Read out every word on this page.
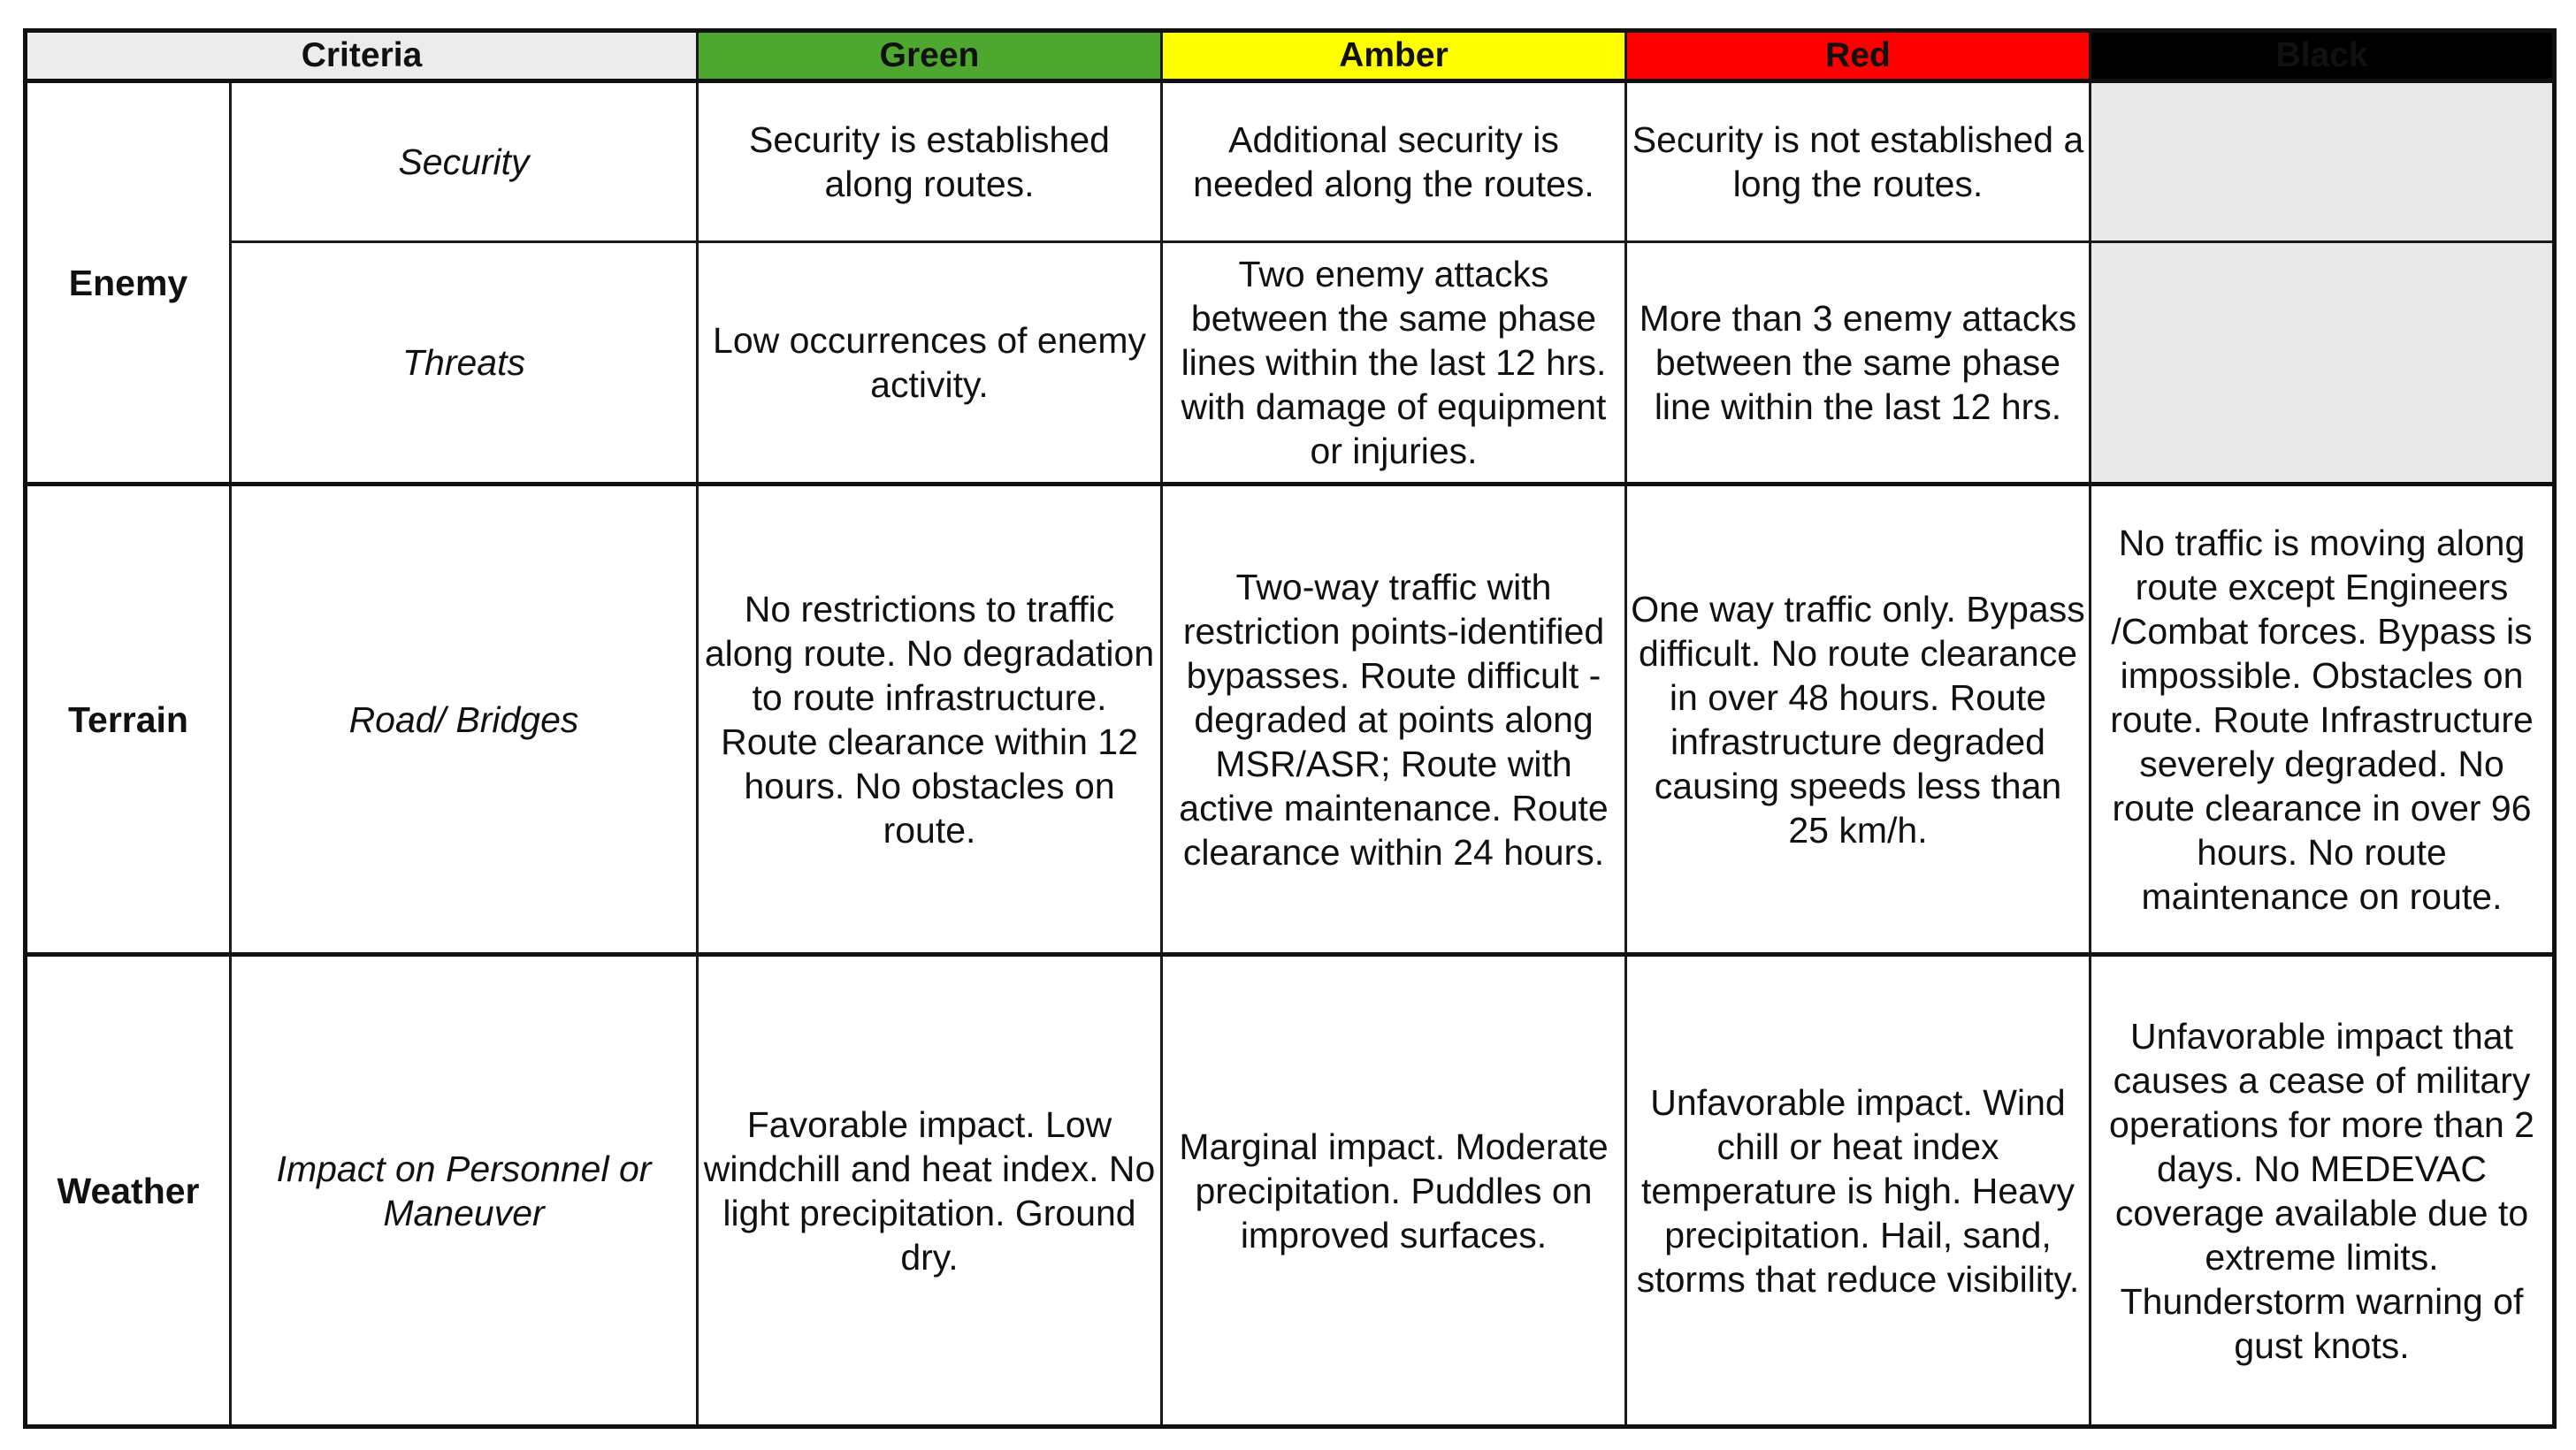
Criteria		Green	Amber	Red	Black
Enemy	Security	Security is established along routes.	Additional security is needed along the routes.	Security is not established a long the routes.	
	Threats	Low occurrences of enemy activity.	Two enemy attacks between the same phase lines within the last 12 hrs. with damage of equipment or injuries.	More than 3 enemy attacks between the same phase line within the last 12 hrs.	
Terrain	Road/ Bridges	No restrictions to traffic along route. No degradation to route infrastructure. Route clearance within 12 hours. No obstacles on route.	Two-way traffic with restriction points-identified bypasses. Route difficult - degraded at points along MSR/ASR; Route with active maintenance. Route clearance within 24 hours.	One way traffic only. Bypass difficult. No route clearance in over 48 hours. Route infrastructure degraded causing speeds less than 25 km/h.	No traffic is moving along route except Engineers /Combat forces. Bypass is impossible. Obstacles on route. Route Infrastructure severely degraded. No route clearance in over 96 hours. No route maintenance on route.
Weather	Impact on Personnel or Maneuver	Favorable impact. Low windchill and heat index. No light precipitation. Ground dry.	Marginal impact. Moderate precipitation. Puddles on improved surfaces.	Unfavorable impact. Wind chill or heat index temperature is high. Heavy precipitation. Hail, sand, storms that reduce visibility.	Unfavorable impact that causes a cease of military operations for more than 2 days. No MEDEVAC coverage available due to extreme limits. Thunderstorm warning of gust knots.
